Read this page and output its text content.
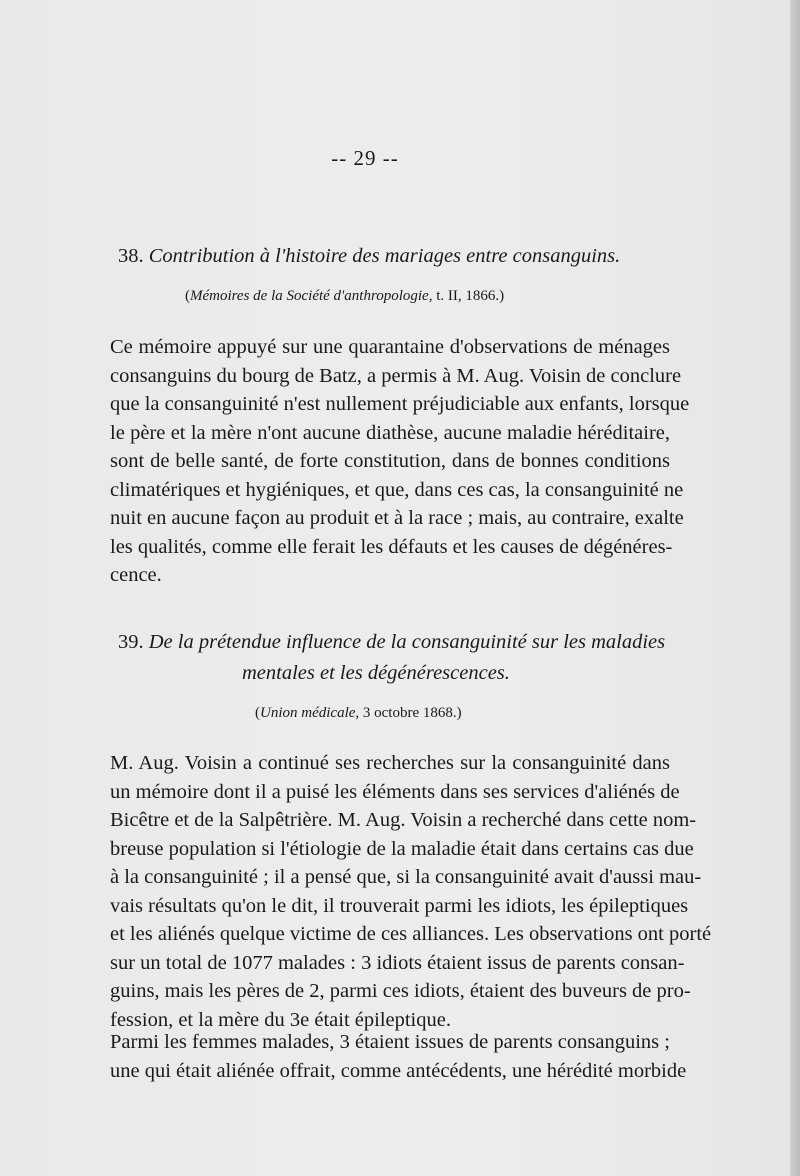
-- 29 --
38. Contribution à l'histoire des mariages entre consanguins.
(Mémoires de la Société d'anthropologie, t. II, 1866.)
Ce mémoire appuyé sur une quarantaine d'observations de ménages
consanguins du bourg de Batz, a permis à M. Aug. Voisin de conclure
que la consanguinité n'est nullement préjudiciable aux enfants, lorsque
le père et la mère n'ont aucune diathèse, aucune maladie héréditaire,
sont de belle santé, de forte constitution, dans de bonnes conditions
climatériques et hygiéniques, et que, dans ces cas, la consanguinité ne
nuit en aucune façon au produit et à la race ; mais, au contraire, exalte
les qualités, comme elle ferait les défauts et les causes de dégénéres-
cence.
39. De la prétendue influence de la consanguinité sur les maladies
mentales et les dégénérescences.
(Union médicale, 3 octobre 1868.)
M. Aug. Voisin a continué ses recherches sur la consanguinité dans
un mémoire dont il a puisé les éléments dans ses services d'aliénés de
Bicêtre et de la Salpêtrière. M. Aug. Voisin a recherché dans cette nom-
breuse population si l'étiologie de la maladie était dans certains cas due
à la consanguinité ; il a pensé que, si la consanguinité avait d'aussi mau-
vais résultats qu'on le dit, il trouverait parmi les idiots, les épileptiques
et les aliénés quelque victime de ces alliances. Les observations ont porté
sur un total de 1077 malades : 3 idiots étaient issus de parents consan-
guins, mais les pères de 2, parmi ces idiots, étaient des buveurs de pro-
fession, et la mère du 3e était épileptique.
Parmi les femmes malades, 3 étaient issues de parents consanguins ;
une qui était aliénée offrait, comme antécédents, une hérédité morbide
